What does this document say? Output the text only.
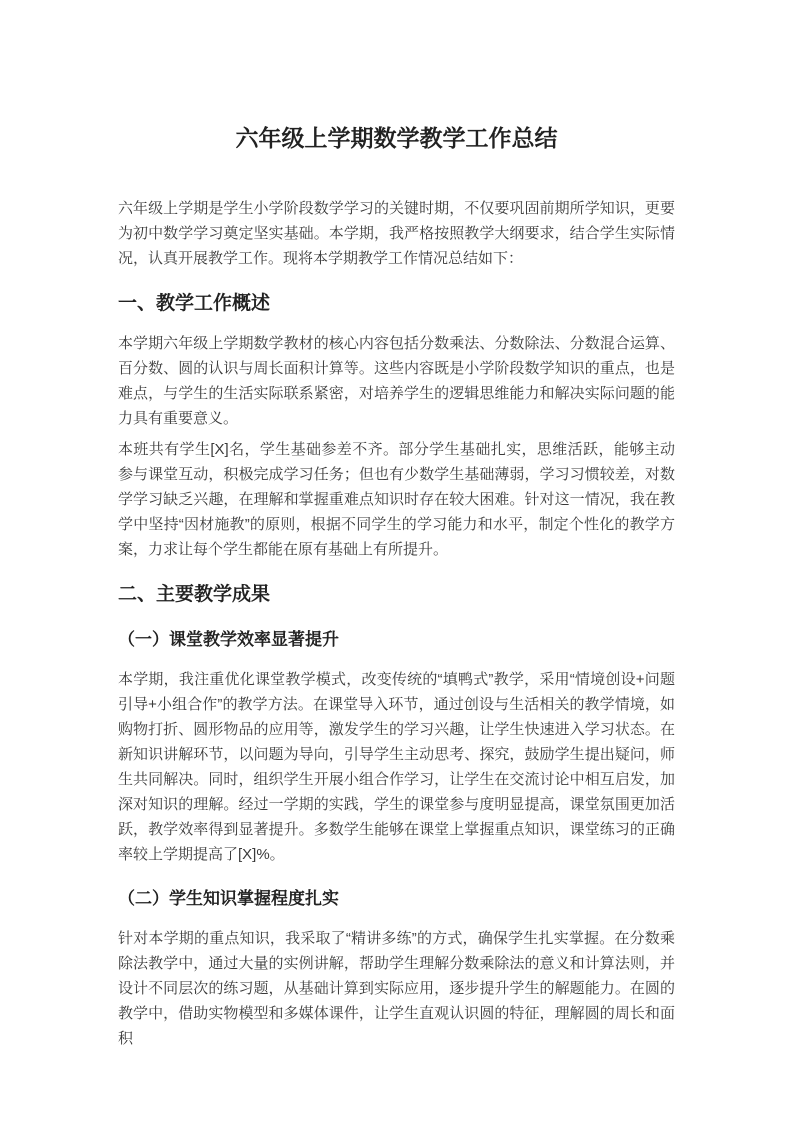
六年级上学期数学教学工作总结

六年级上学期是学生小学阶段数学学习的关键时期，不仅要巩固前期所学知识，更要为初中数学学习奠定坚实基础。本学期，我严格按照教学大纲要求，结合学生实际情况，认真开展教学工作。现将本学期教学工作情况总结如下：

一、教学工作概述

本学期六年级上学期数学教材的核心内容包括分数乘法、分数除法、分数混合运算、百分数、圆的认识与周长面积计算等。这些内容既是小学阶段数学知识的重点，也是难点，与学生的生活实际联系紧密，对培养学生的逻辑思维能力和解决实际问题的能力具有重要意义。

本班共有学生[X]名，学生基础参差不齐。部分学生基础扎实，思维活跃，能够主动参与课堂互动，积极完成学习任务；但也有少数学生基础薄弱，学习习惯较差，对数学学习缺乏兴趣，在理解和掌握重难点知识时存在较大困难。针对这一情况，我在教学中坚持“因材施教”的原则，根据不同学生的学习能力和水平，制定个性化的教学方案，力求让每个学生都能在原有基础上有所提升。

二、主要教学成果
（一）课堂教学效率显著提升

本学期，我注重优化课堂教学模式，改变传统的“填鸭式”教学，采用“情境创设+问题引导+小组合作”的教学方法。在课堂导入环节，通过创设与生活相关的教学情境，如购物打折、圆形物品的应用等，激发学生的学习兴趣，让学生快速进入学习状态。在新知识讲解环节，以问题为导向，引导学生主动思考、探究，鼓励学生提出疑问，师生共同解决。同时，组织学生开展小组合作学习，让学生在交流讨论中相互启发，加深对知识的理解。经过一学期的实践，学生的课堂参与度明显提高，课堂氛围更加活跃，教学效率得到显著提升。多数学生能够在课堂上掌握重点知识，课堂练习的正确率较上学期提高了[X]%。

（二）学生知识掌握程度扎实

针对本学期的重点知识，我采取了“精讲多练”的方式，确保学生扎实掌握。在分数乘除法教学中，通过大量的实例讲解，帮助学生理解分数乘除法的意义和计算法则，并设计不同层次的练习题，从基础计算到实际应用，逐步提升学生的解题能力。在圆的教学中，借助实物模型和多媒体课件，让学生直观认识圆的特征，理解圆的周长和面积
